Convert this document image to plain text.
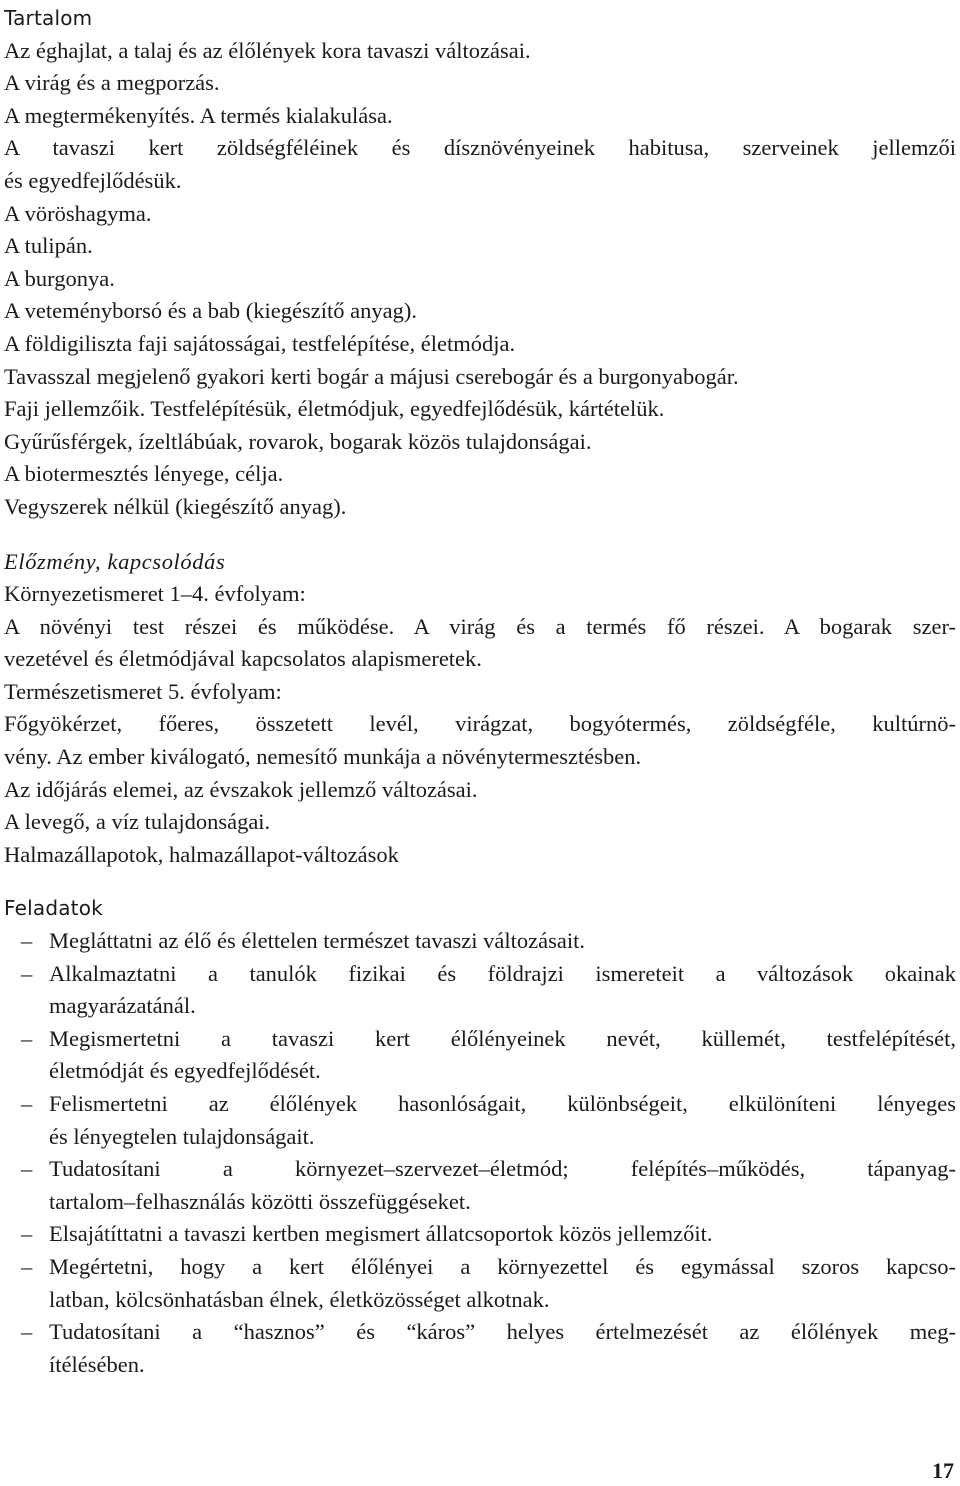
Tartalom
Az éghajlat, a talaj és az élőlények kora tavaszi változásai.
A virág és a megporzás.
A megtermékenyítés. A termés kialakulása.
A tavaszi kert zöldségféléinek és dísznövényeinek habitusa, szerveinek jellemzői
és egyedfejlődésük.
A vöröshagyma.
A tulipán.
A burgonya.
A veteményborsó és a bab (kiegészítő anyag).
A földigiliszta faji sajátosságai, testfelépítése, életmódja.
Tavasszal megjelenő gyakori kerti bogár a májusi cserebogár és a burgonyabogár.
Faji jellemzőik. Testfelépítésük, életmódjuk, egyedfejlődésük, kártételük.
Gyűrűsférgek, ízeltlábúak, rovarok, bogarak közös tulajdonságai.
A biotermesztés lényege, célja.
Vegyszerek nélkül (kiegészítő anyag).
Előzmény, kapcsolódás
Környezetismeret 1–4. évfolyam:
A növényi test részei és működése. A virág és a termés fő részei. A bogarak szer-
vezetével és életmódjával kapcsolatos alapismeretek.
Természetismeret 5. évfolyam:
Főgyökérzet, főeres, összetett levél, virágzat, bogyótermés, zöldségféle, kultúrnö-
vény. Az ember kiválogató, nemesítő munkája a növénytermesztésben.
Az időjárás elemei, az évszakok jellemző változásai.
A levegő, a víz tulajdonságai.
Halmazállapotok, halmazállapot-változások
Feladatok
– Megláttatni az élő és élettelen természet tavaszi változásait.
– Alkalmaztatni a tanulók fizikai és földrajzi ismereteit a változások okainak
magyarázatánál.
– Megismertetni a tavaszi kert élőlényeinek nevét, küllemét, testfelépítését,
életmódját és egyedfejlődését.
– Felismertetni az élőlények hasonlóságait, különbségeit, elkülöníteni lényeges
és lényegtelen tulajdonságait.
– Tudatosítani a környezet–szervezet–életmód; felépítés–működés, tápanyag-
tartalom–felhasználás közötti összefüggéseket.
– Elsajátíttatni a tavaszi kertben megismert állatcsoportok közös jellemzőit.
– Megértetni, hogy a kert élőlényei a környezettel és egymással szoros kapcso-
latban, kölcsönhatásban élnek, életközösséget alkotnak.
– Tudatosítani a “hasznos” és “káros” helyes értelmezését az élőlények meg-
ítélésében.
17
